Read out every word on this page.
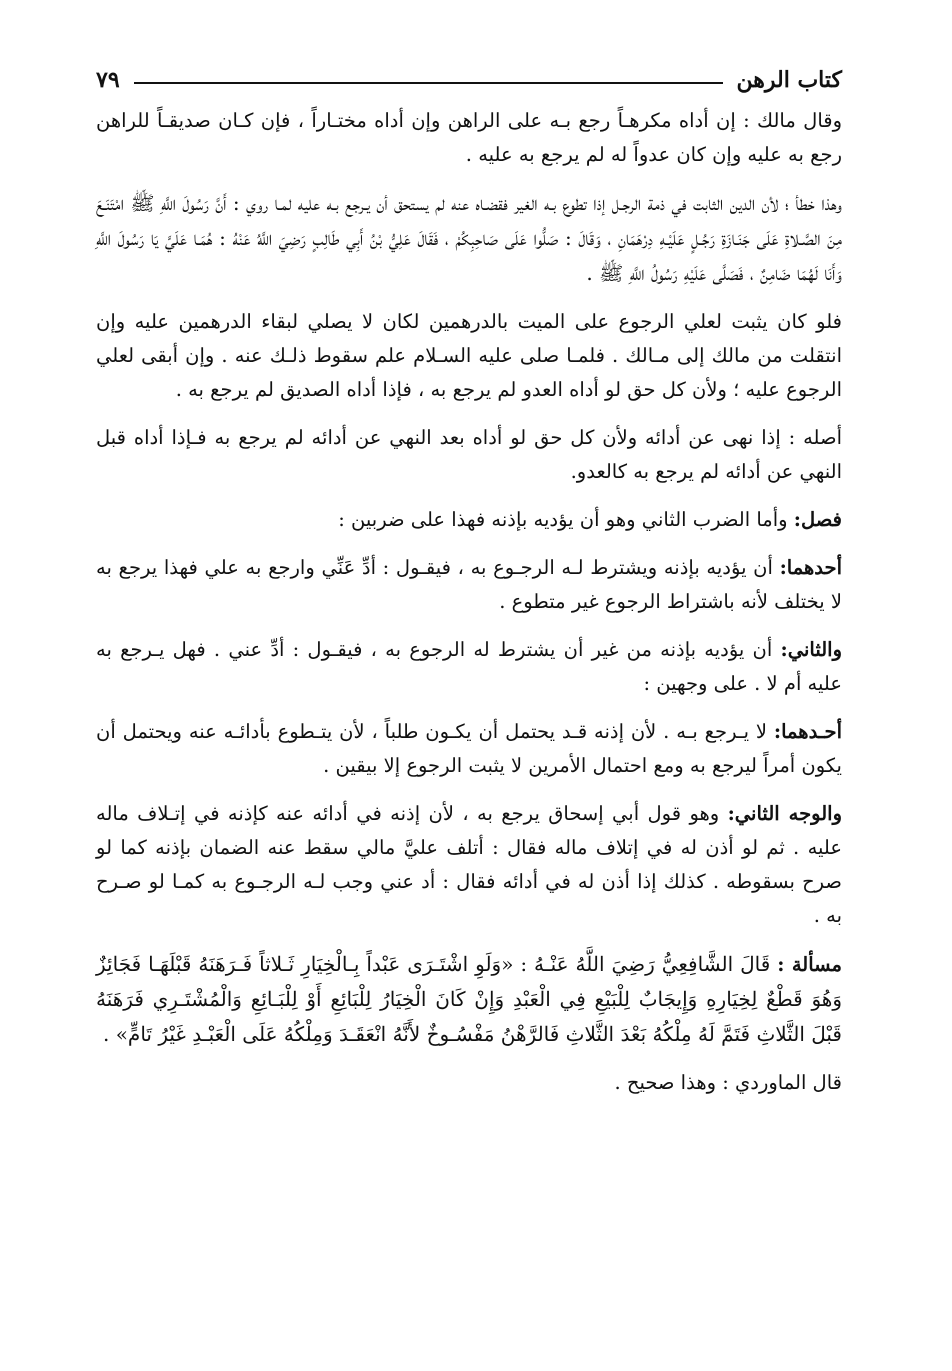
كتاب الرهن
٧٩

وقال مالك : إن أداه مكرهـاً رجع بـه على الراهن وإن أداه مختـاراً ، فإن كـان صديقـاً للراهن رجع به عليه وإن كان عدواً له لم يرجع به عليه .

وهذا خطأ ؛ لأن الدين الثابت في ذمة الرجـل إذا تطوع بـه الغير فقضـاه عنه لم يستحق أن يـرجع بـه عليه لمـا روي : أَنَّ رَسُولَ اللَّهِ ﷺ امْتَنَـعَ مِنَ الصَّـلاةِ عَلَى جَنَـازَةِ رَجُـلٍ عَلَيْـهِ دِرْهَمَانِ ، وَقَالَ : صَلُّوا عَلَى صَاحِبِكُمْ ، فَقَالَ عَلِيُّ بْنُ أَبِي طَالِبٍ رَضِيَ اللَّهُ عَنْهُ : هُمَـا عَلَيَّ يَا رَسُولَ اللَّهِ وَأَنَا لَهُمَا ضَامِنٌ ، فَصَلَّى عَلَيْهِ رَسُولُ اللَّهِ ﷺ .

فلو كان يثبت لعلي الرجوع على الميت بالدرهمين لكان لا يصلي لبقاء الدرهمين عليه وإن انتقلت من مالك إلى مـالك . فلمـا صلى عليه السـلام علم سقوط ذلـك عنه . وإن أبقى لعلي الرجوع عليه ؛ ولأن كل حق لو أداه العدو لم يرجع به ، فإذا أداه الصديق لم يرجع به .

أصله : إذا نهى عن أدائه ولأن كل حق لو أداه بعد النهي عن أدائه لم يرجع به فـإذا أداه قبل النهي عن أدائه لم يرجع به كالعدو.

فصل: وأما الضرب الثاني وهو أن يؤديه بإذنه فهذا على ضربين :

أحدهما: أن يؤديه بإذنه ويشترط لـه الرجـوع به ، فيقـول : أدِّ عَنِّي وارجع به علي فهذا يرجع به لا يختلف لأنه باشتراط الرجوع غير متطوع .

والثاني: أن يؤديه بإذنه من غير أن يشترط له الرجوع به ، فيقـول : أدِّ عني . فهل يـرجع به عليه أم لا . على وجهين :

أحـدهما: لا يـرجع بـه . لأن إذنه قـد يحتمل أن يكـون طلباً ، لأن يتـطوع بأدائـه عنه ويحتمل أن يكون أمراً ليرجع به ومع احتمال الأمرين لا يثبت الرجوع إلا بيقين .

والوجه الثاني: وهو قول أبي إسحاق يرجع به ، لأن إذنه في أدائه عنه كإذنه في إتـلاف ماله عليه . ثم لو أذن له في إتلاف ماله فقال : أتلف عليَّ مالي سقط عنه الضمان بإذنه كما لو صرح بسقوطه . كذلك إذا أذن له في أدائه فقال : أد عني وجب لـه الرجـوع به كمـا لو صـرح به .

مسألة : قَالَ الشَّافِعِيُّ رَضِيَ اللَّهُ عَنْـهُ : «وَلَوِ اشْتَـرَى عَبْداً بِـالْخِيَارِ ثَـلاثاً فَـرَهَنَهُ قَبْلَهَـا فَجَائِزٌ وَهُوَ قَطْعٌ لِخِيَارِهِ وَإِيجَابٌ لِلْبَيْعِ فِي الْعَبْدِ وَإِنْ كَانَ الْخِيَارُ لِلْبَائِعِ أَوْ لِلْبَـائِعِ وَالْمُشْتَـرِي فَرَهَنَهُ قَبْلَ الثَّلاثِ فَتَمَّ لَهُ مِلْكُهُ بَعْدَ الثَّلاثِ فَالرَّهْنُ مَفْسُـوخٌ لأَنَّهُ انْعَقَـدَ وَمِلْكُهُ عَلَى الْعَبْـدِ غَيْرُ تَامٍّ» .

قال الماوردي : وهذا صحيح .
